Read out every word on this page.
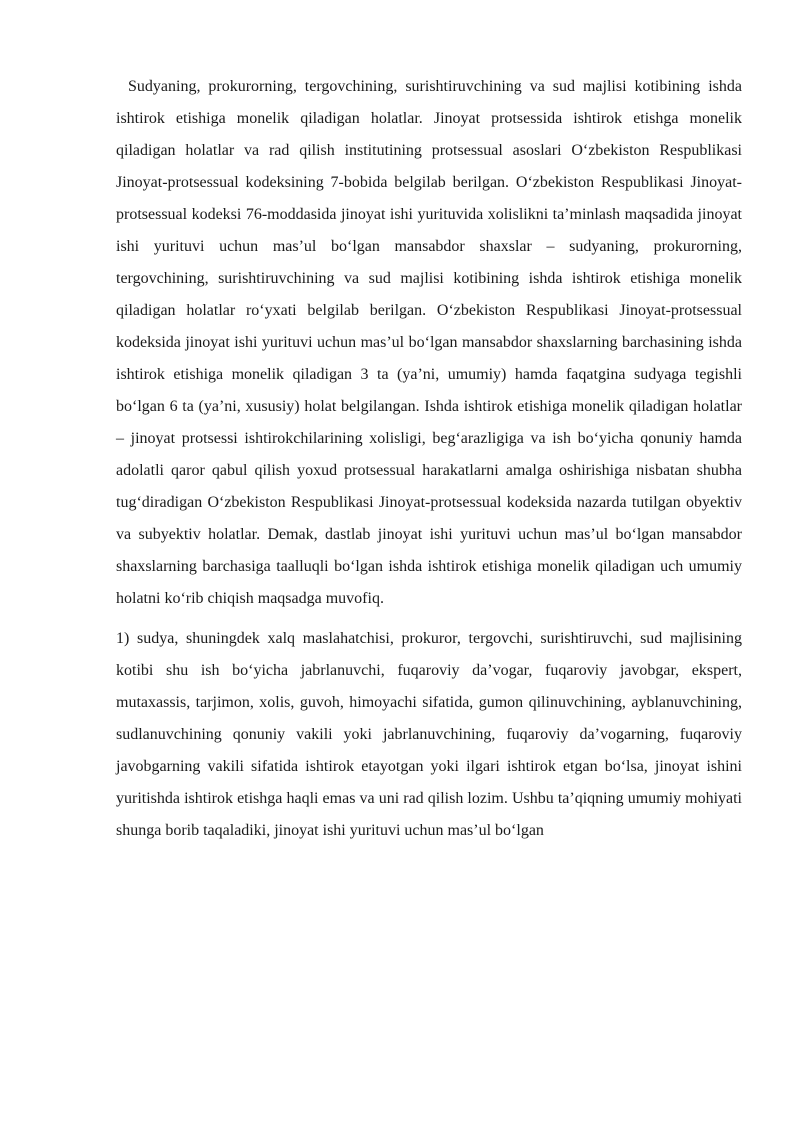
Sudyaning, prokurorning, tergovchining, surishtiruvchining va sud majlisi kotibining ishda ishtirok etishiga monelik qiladigan holatlar. Jinoyat protsessida ishtirok etishga monelik qiladigan holatlar va rad qilish institutining protsessual asoslari O‘zbekiston Respublikasi Jinoyat-protsessual kodeksining 7-bobida belgilab berilgan. O‘zbekiston Respublikasi Jinoyat-protsessual kodeksi 76-moddasida jinoyat ishi yurituvida xolislikni ta’minlash maqsadida jinoyat ishi yurituvi uchun mas’ul bo‘lgan mansabdor shaxslar – sudyaning, prokurorning, tergovchining, surishtiruvchining va sud majlisi kotibining ishda ishtirok etishiga monelik qiladigan holatlar ro‘yxati belgilab berilgan. O‘zbekiston Respublikasi Jinoyat-protsessual kodeksida jinoyat ishi yurituvi uchun mas’ul bo‘lgan mansabdor shaxslarning barchasining ishda ishtirok etishiga monelik qiladigan 3 ta (ya’ni, umumiy) hamda faqatgina sudyaga tegishli bo‘lgan 6 ta (ya’ni, xususiy) holat belgilangan. Ishda ishtirok etishiga monelik qiladigan holatlar – jinoyat protsessi ishtirokchilarining xolisligi, beg‘arazligiga va ish bo‘yicha qonuniy hamda adolatli qaror qabul qilish yoxud protsessual harakatlarni amalga oshirishiga nisbatan shubha tug‘diradigan O‘zbekiston Respublikasi Jinoyat-protsessual kodeksida nazarda tutilgan obyektiv va subyektiv holatlar. Demak, dastlab jinoyat ishi yurituvi uchun mas’ul bo‘lgan mansabdor shaxslarning barchasiga taalluqli bo‘lgan ishda ishtirok etishiga monelik qiladigan uch umumiy holatni ko‘rib chiqish maqsadga muvofiq.

1) sudya, shuningdek xalq maslahatchisi, prokuror, tergovchi, surishtiruvchi, sud majlisining kotibi shu ish bo‘yicha jabrlanuvchi, fuqaroviy da’vogar, fuqaroviy javobgar, ekspert, mutaxassis, tarjimon, xolis, guvoh, himoyachi sifatida, gumon qilinuvchining, ayblanuvchining, sudlanuvchining qonuniy vakili yoki jabrlanuvchining, fuqaroviy da’vogarning, fuqaroviy javobgarning vakili sifatida ishtirok etayotgan yoki ilgari ishtirok etgan bo‘lsa, jinoyat ishini yuritishda ishtirok etishga haqli emas va uni rad qilish lozim. Ushbu ta’qiqning umumiy mohiyati shunga borib taqaladiki, jinoyat ishi yurituvi uchun mas’ul bo‘lgan
